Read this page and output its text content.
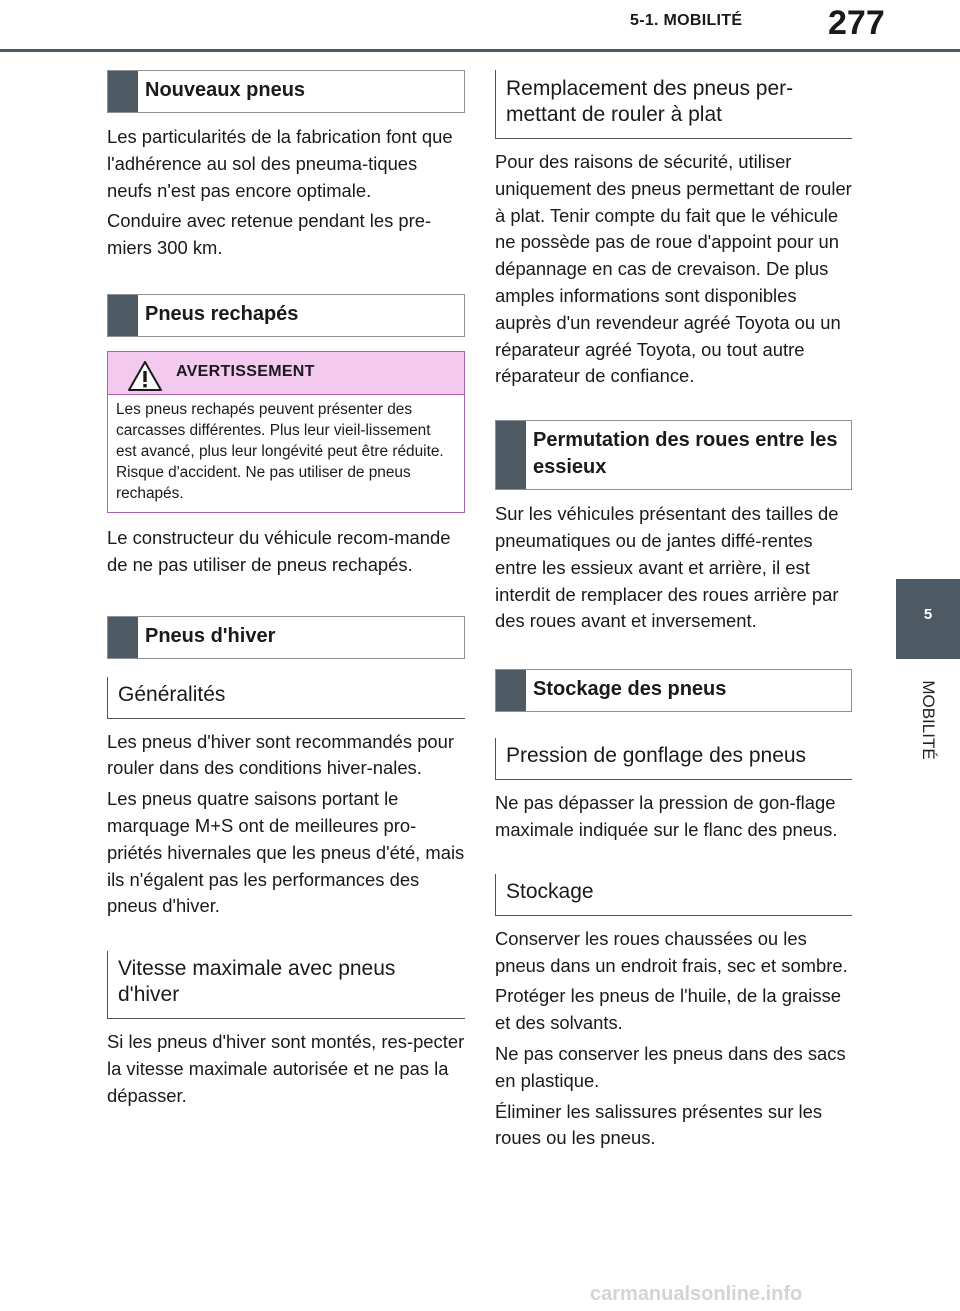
5-1. MOBILITÉ	277
5
MOBILITÉ
Nouveaux pneus

Les particularités de la fabrication font que l'adhérence au sol des pneuma-tiques neufs n'est pas encore optimale.

Conduire avec retenue pendant les pre-miers 300 km.

Pneus rechapés
AVERTISSEMENT
Les pneus rechapés peuvent présenter des carcasses différentes. Plus leur vieil-lissement est avancé, plus leur longévité peut être réduite. Risque d'accident. Ne pas utiliser de pneus rechapés.

Le constructeur du véhicule recom-mande de ne pas utiliser de pneus rechapés.

Pneus d'hiver
Généralités

Les pneus d'hiver sont recommandés pour rouler dans des conditions hiver-nales.

Les pneus quatre saisons portant le marquage M+S ont de meilleures pro-priétés hivernales que les pneus d'été, mais ils n'égalent pas les performances des pneus d'hiver.

Vitesse maximale avec pneus d'hiver

Si les pneus d'hiver sont montés, res-pecter la vitesse maximale autorisée et ne pas la dépasser.

Remplacement des pneus per-mettant de rouler à plat

Pour des raisons de sécurité, utiliser uniquement des pneus permettant de rouler à plat. Tenir compte du fait que le véhicule ne possède pas de roue d'appoint pour un dépannage en cas de crevaison. De plus amples informations sont disponibles auprès d'un revendeur agréé Toyota ou un réparateur agréé Toyota, ou tout autre réparateur de confiance.

Permutation des roues entre les essieux

Sur les véhicules présentant des tailles de pneumatiques ou de jantes diffé-rentes entre les essieux avant et arrière, il est interdit de remplacer des roues arrière par des roues avant et inversement.

Stockage des pneus
Pression de gonflage des pneus

Ne pas dépasser la pression de gon-flage maximale indiquée sur le flanc des pneus.

Stockage

Conserver les roues chaussées ou les pneus dans un endroit frais, sec et sombre.

Protéger les pneus de l'huile, de la graisse et des solvants.

Ne pas conserver les pneus dans des sacs en plastique.

Éliminer les salissures présentes sur les roues ou les pneus.

carmanualsonline.info
